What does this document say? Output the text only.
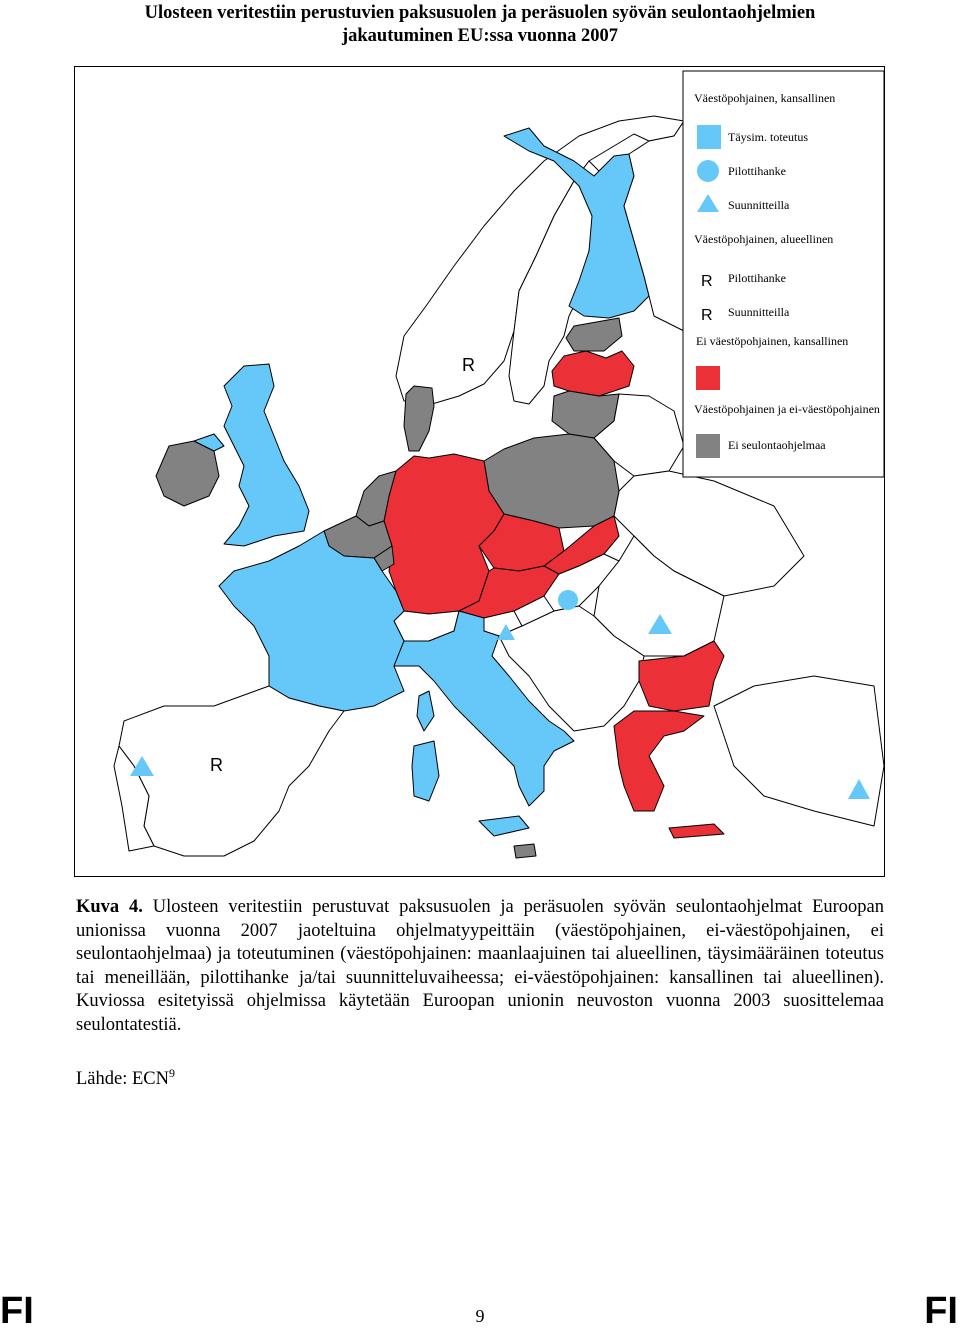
Ulosteen veritestiin perustuvien paksusuolen ja peräsuolen syövän seulontaohjelmien
jakautuminen EU:ssa vuonna 2007
R
R
Väestöpohjainen, kansallinen
Täysim. toteutus
Pilottihanke
Suunnitteilla
Väestöpohjainen, alueellinen
R Pilottihanke
R Suunnitteilla
Ei väestöpohjainen, kansallinen
Väestöpohjainen ja ei-väestöpohjainen
Ei seulontaohjelmaa
Kuva 4. Ulosteen veritestiin perustuvat paksusuolen ja peräsuolen syövän seulontaohjelmat Euroopan unionissa vuonna 2007 jaoteltuina ohjelmatyypeittäin (väestöpohjainen, ei-väestöpohjainen, ei seulontaohjelmaa) ja toteutuminen (väestöpohjainen: maanlaajuinen tai alueellinen, täysimääräinen toteutus tai meneillään, pilottihanke ja/tai suunnitteluvaiheessa; ei-väestöpohjainen: kansallinen tai alueellinen). Kuviossa esitetyissä ohjelmissa käytetään Euroopan unionin neuvoston vuonna 2003 suosittelemaa seulontatestiä.
Lähde: ECN$^9$
FI	9	FI
